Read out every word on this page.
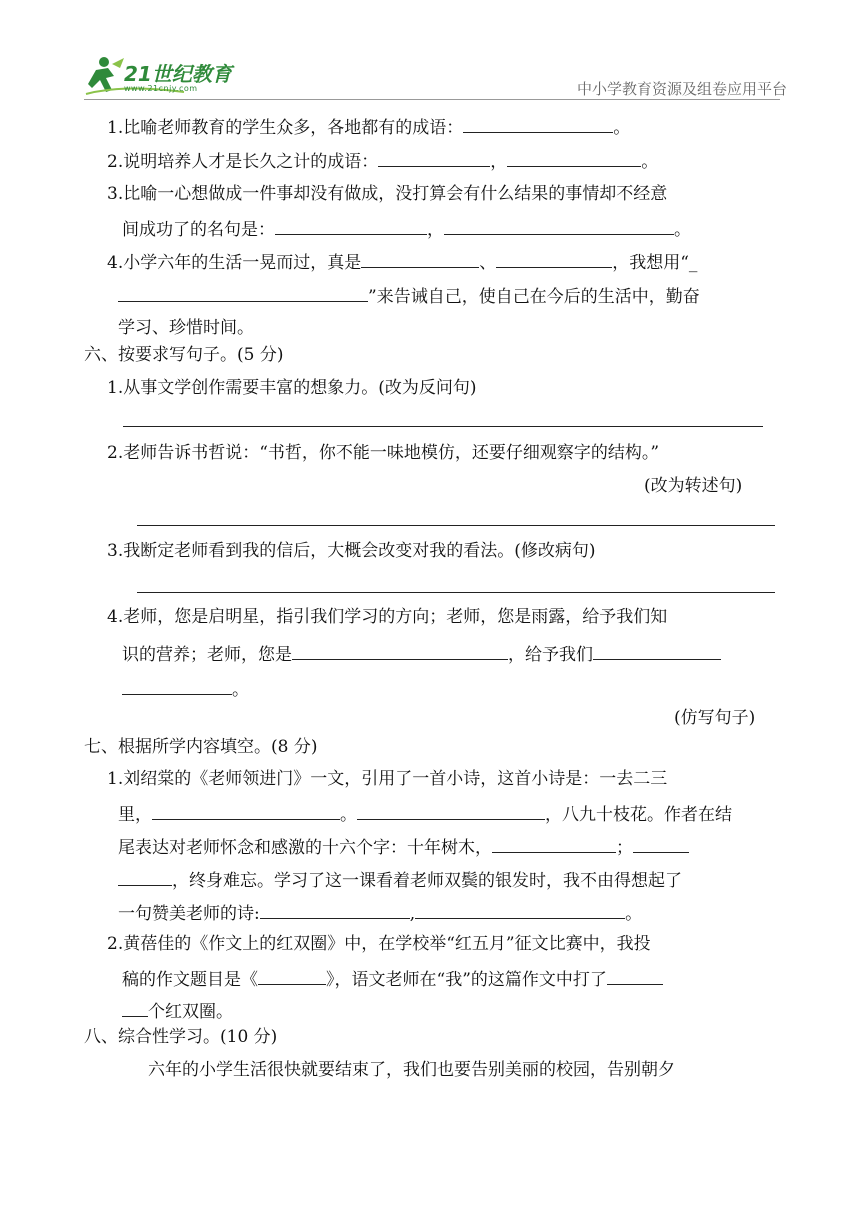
21世纪教育
www.21cnjy.com	中小学教育资源及组卷应用平台
1.比喻老师教育的学生众多，各地都有的成语：	。
2.说明培养人才是长久之计的成语：	，	。
3.比喻一心想做成一件事却没有做成，没打算会有什么结果的事情却不经意
间成功了的名句是：	，	。
4.小学六年的生活一晃而过，真是	、	，我想用“_
”来告诫自己，使自己在今后的生活中，勤奋
学习、珍惜时间。
六、按要求写句子。(5 分)
1.从事文学创作需要丰富的想象力。(改为反问句)
2.老师告诉书哲说：“书哲，你不能一味地模仿，还要仔细观察字的结构。”
(改为转述句)
3.我断定老师看到我的信后，大概会改变对我的看法。(修改病句)
4.老师，您是启明星，指引我们学习的方向；老师，您是雨露，给予我们知
识的营养；老师，您是	，给予我们
。
(仿写句子)
七、根据所学内容填空。(8 分)
1.刘绍棠的《老师领进门》一文，引用了一首小诗，这首小诗是：一去二三
里，	。	，八九十枝花。作者在结
尾表达对老师怀念和感激的十六个字：十年树木，	；
，终身难忘。学习了这一课看着老师双鬓的银发时，我不由得想起了
一句赞美老师的诗:	,	。
2.黄蓓佳的《作文上的红双圈》中，在学校举“红五月”征文比赛中，我投
稿的作文题目是《	》，语文老师在“我”的这篇作文中打了
个红双圈。
八、综合性学习。(10 分)
六年的小学生活很快就要结束了，我们也要告别美丽的校园，告别朝夕
